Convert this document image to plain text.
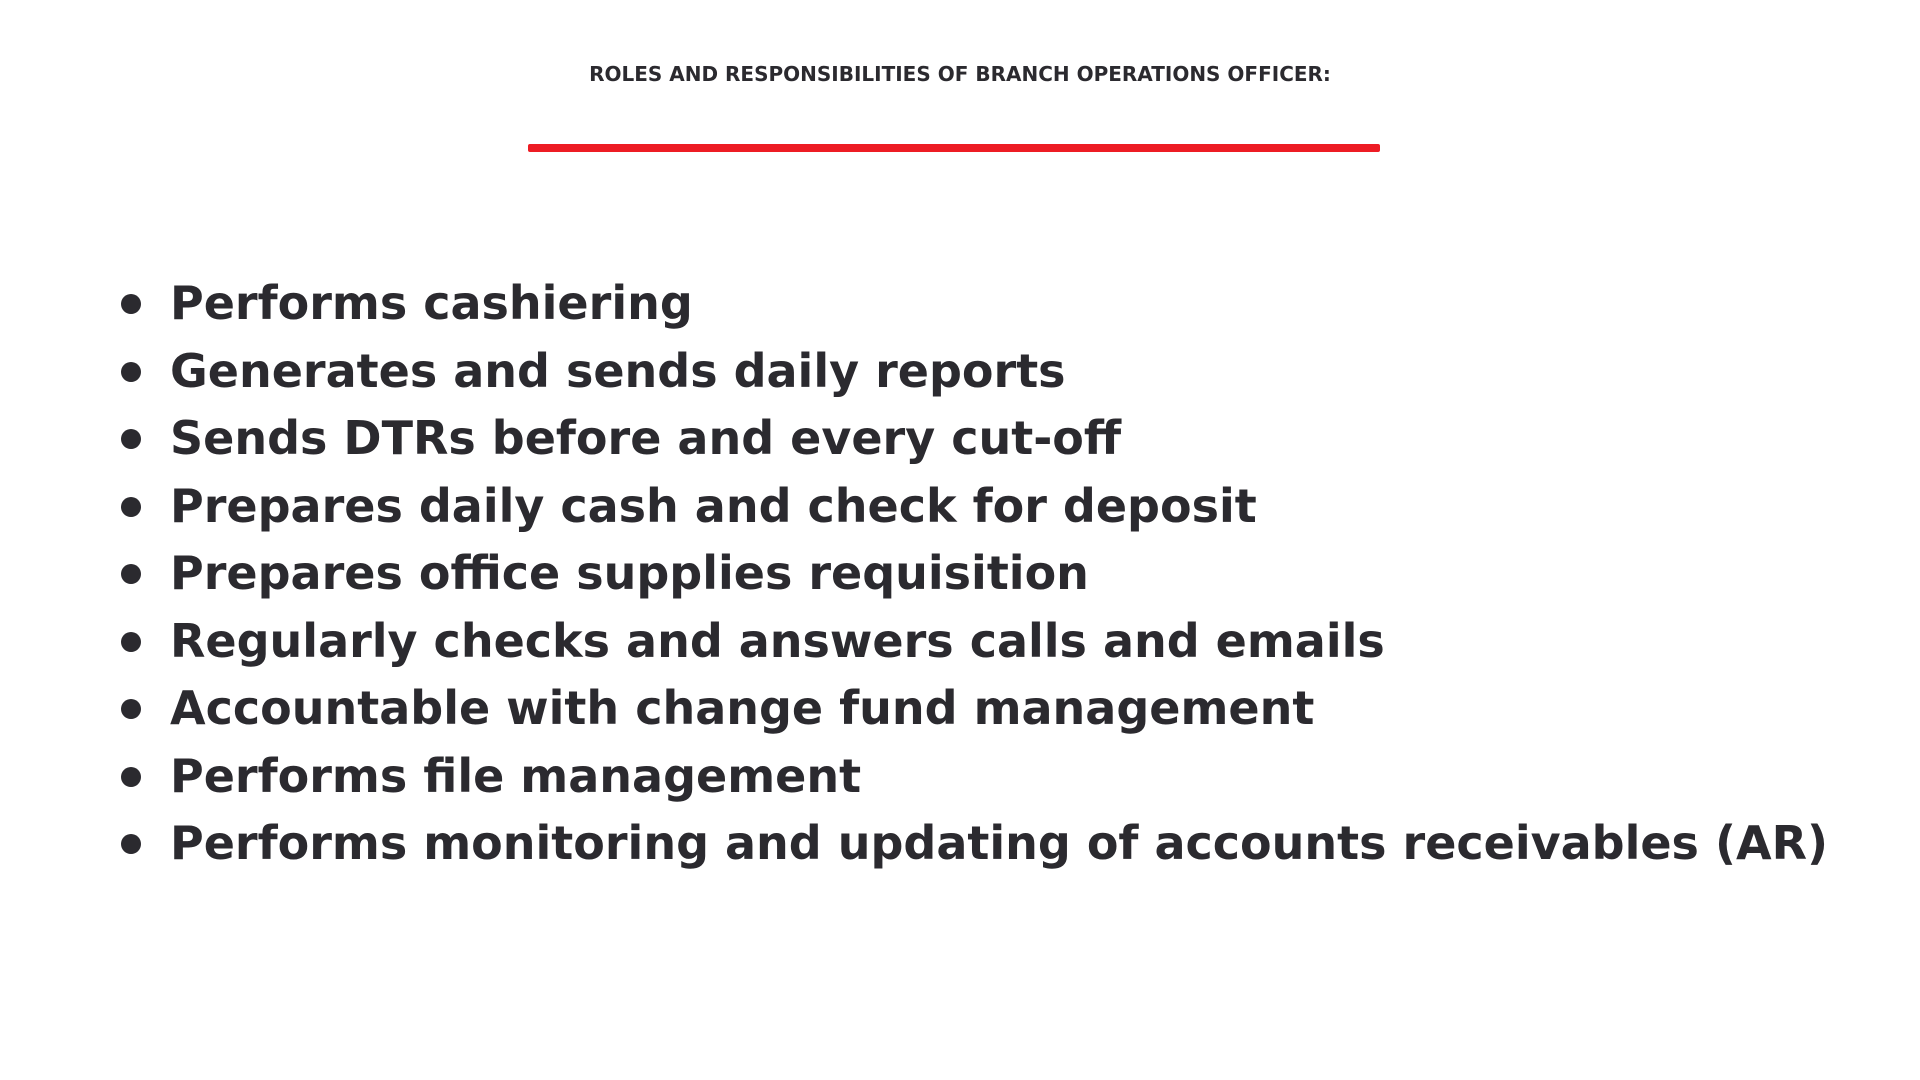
ROLES AND RESPONSIBILITIES OF BRANCH OPERATIONS OFFICER:
Performs cashiering
Generates and sends daily reports
Sends DTRs before and every cut-off
Prepares daily cash and check for deposit
Prepares office supplies requisition
Regularly checks and answers calls and emails
Accountable with change fund management
Performs file management
Performs monitoring and updating of accounts receivables (AR)
